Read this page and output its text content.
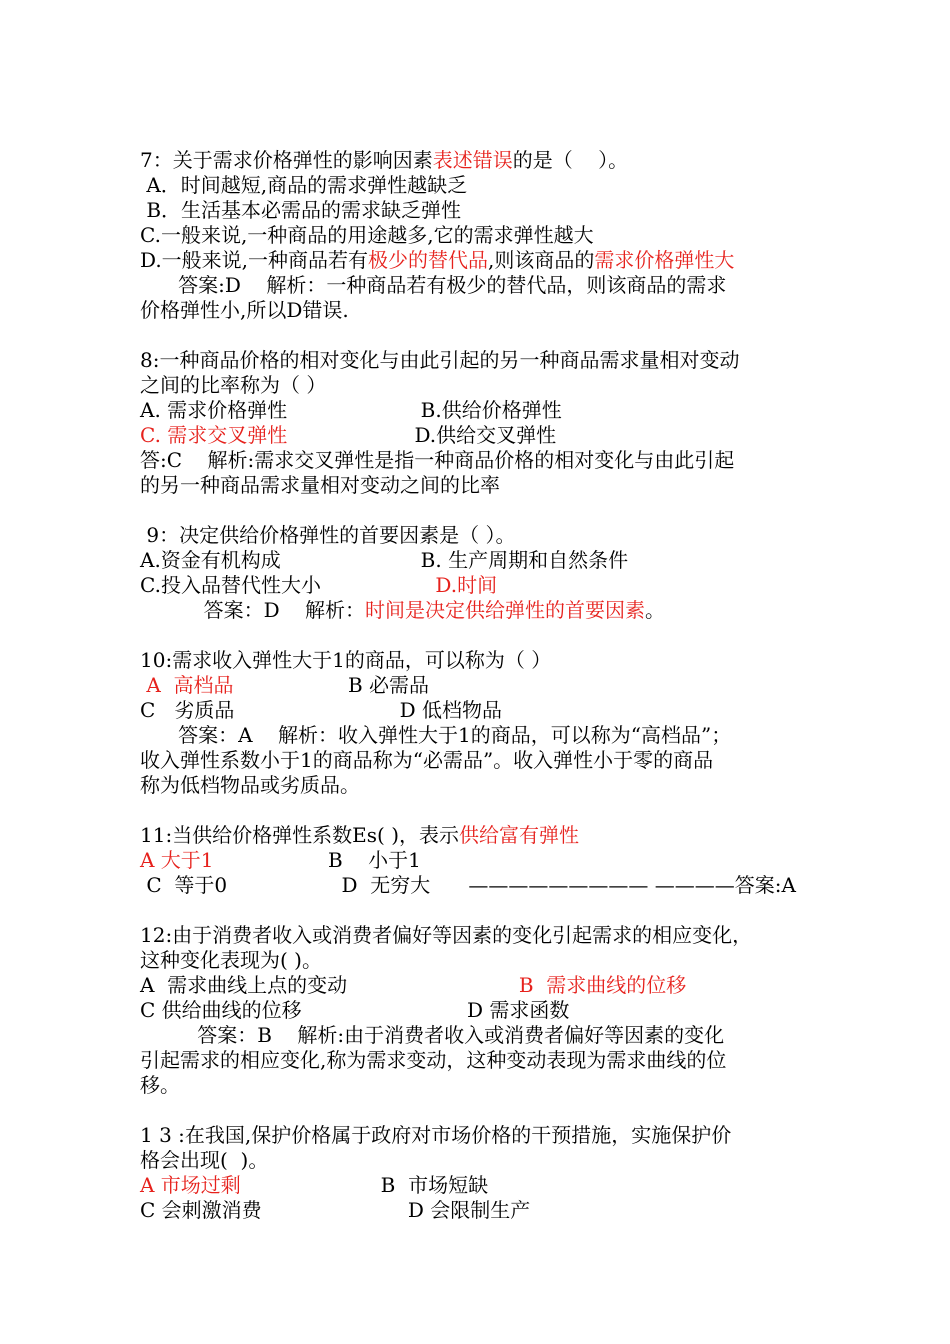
7：关于需求价格弹性的影响因素表述错误的是（    ）。
A．时间越短,商品的需求弹性越缺乏
B．生活基本必需品的需求缺乏弹性
C.一般来说,一种商品的用途越多,它的需求弹性越大
D.一般来说,一种商品若有极少的替代品,则该商品的需求价格弹性大
答案:D    解析：一种商品若有极少的替代品，则该商品的需求
价格弹性小,所以D错误.
8:一种商品价格的相对变化与由此引起的另一种商品需求量相对变动
之间的比率称为（ ）
A. 需求价格弹性                     B.供给价格弹性
C. 需求交叉弹性                    D.供给交叉弹性
答:C    解析:需求交叉弹性是指一种商品价格的相对变化与由此引起
的另一种商品需求量相对变动之间的比率
9：决定供给价格弹性的首要因素是（ ）。
A.资金有机构成                      B. 生产周期和自然条件
C.投入品替代性大小                  D.时间
答案：D    解析：时间是决定供给弹性的首要因素。
10:需求收入弹性大于1的商品，可以称为（ ）
A  高档品                  B 必需品
C   劣质品                          D 低档物品
答案：A    解析：收入弹性大于1的商品，可以称为“高档品”；
收入弹性系数小于1的商品称为“必需品”。收入弹性小于零的商品
称为低档物品或劣质品。
11:当供给价格弹性系数Es( )，表示供给富有弹性
A 大于1                  B    小于1
C  等于0                  D  无穷大      ————————— ————答案:A
12:由于消费者收入或消费者偏好等因素的变化引起需求的相应变化，
这种变化表现为( )。
A  需求曲线上点的变动                           B  需求曲线的位移
C 供给曲线的位移                          D 需求函数
答案：B    解析:由于消费者收入或消费者偏好等因素的变化
引起需求的相应变化,称为需求变动，这种变动表现为需求曲线的位
移。
1 3 :在我国,保护价格属于政府对市场价格的干预措施，实施保护价
格会出现(  )。
A 市场过剩                      B  市场短缺
C 会刺激消费                       D 会限制生产
